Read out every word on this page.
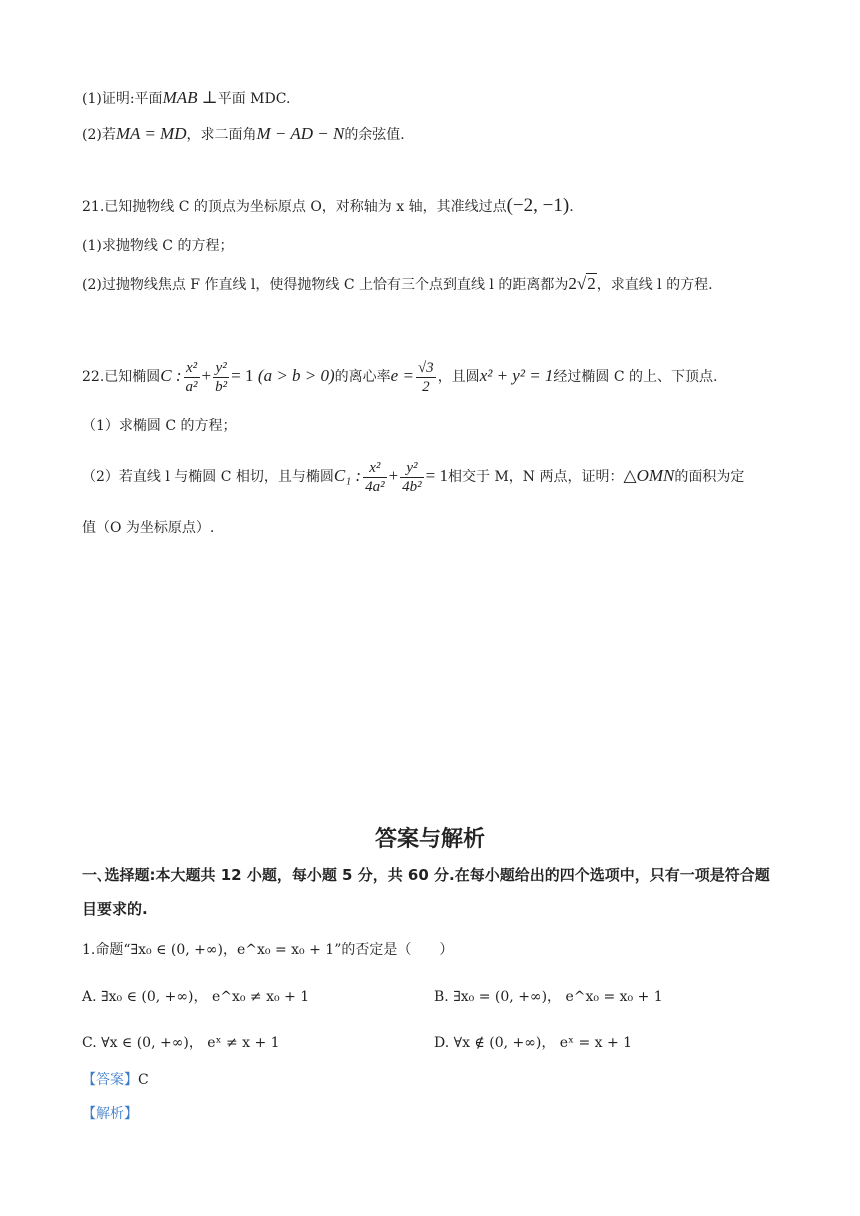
(1)证明:平面MAB ⊥平面 MDC.
(2)若MA = MD，求二面角M − AD − N的余弦值.
21.已知抛物线 C 的顶点为坐标原点 O，对称轴为 x 轴，其准线过点(−2, −1).
(1)求抛物线 C 的方程；
(2)过抛物线焦点 F 作直线 l，使得抛物线 C 上恰有三个点到直线 l 的距离都为2√2，求直线 l 的方程.
22.已知椭圆C : $\frac{\text{x²}}{\text{a²}} + \frac{\text{y²}}{\text{b²}} = 1$ (a > b > 0)的离心率$e = \frac{√3}{2}$ ，且圆x² + y² = 1经过椭圆 C 的上、下顶点.
（1）求椭圆 C 的方程；
（2）若直线 l 与椭圆 C 相切，且与椭圆C₁ : $\frac{\text{x²}}{\text{4a²}} + \frac{\text{y²}}{\text{4b²}} = 1$相交于 M，N 两点，证明：△OMN的面积为定
值（O 为坐标原点）.
答案与解析
一､选择题:本大题共 12 小题，每小题 5 分，共 60 分.在每小题给出的四个选项中，只有一项是符合题目要求的.
1.命题“∃x₀ ∈ (0, +∞)，e^x₀ = x₀ + 1”的否定是（　　）
A. ∃x₀ ∈ (0, +∞)， e^x₀ ≠ x₀ + 1	B. ∃x₀ = (0, +∞)， e^x₀ = x₀ + 1
C. ∀x ∈ (0, +∞)， eˣ ≠ x + 1	D. ∀x ∉ (0, +∞)， eˣ = x + 1
【答案】C
【解析】
